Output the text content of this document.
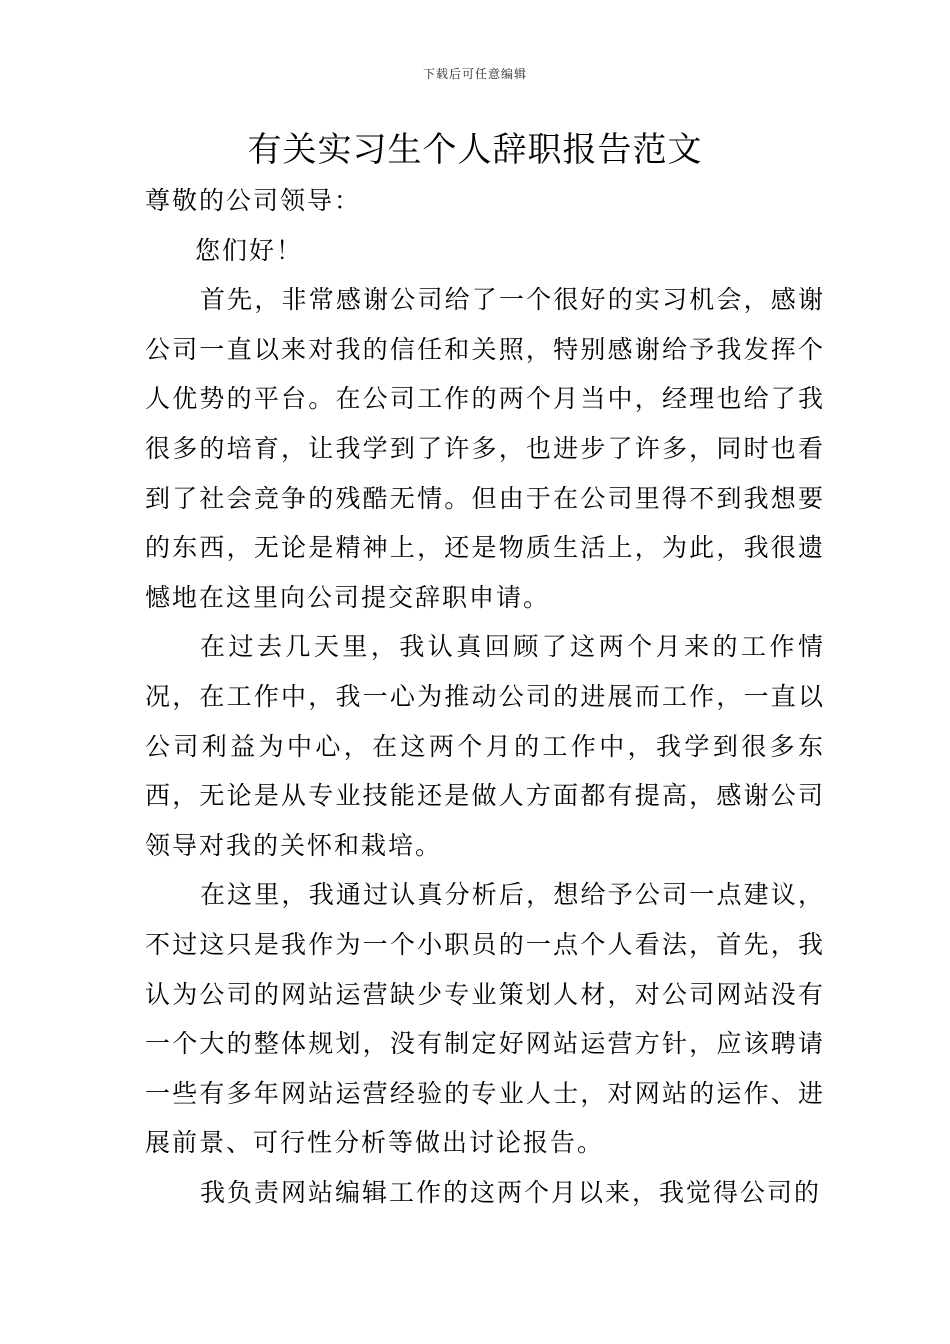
下载后可任意编辑
有关实习生个人辞职报告范文

尊敬的公司领导：

您们好！

首先，非常感谢公司给了一个很好的实习机会，感谢公司一直以来对我的信任和关照，特别感谢给予我发挥个人优势的平台。在公司工作的两个月当中，经理也给了我很多的培育，让我学到了许多，也进步了许多，同时也看到了社会竞争的残酷无情。但由于在公司里得不到我想要的东西，无论是精神上，还是物质生活上，为此，我很遗憾地在这里向公司提交辞职申请。

在过去几天里，我认真回顾了这两个月来的工作情况，在工作中，我一心为推动公司的进展而工作，一直以公司利益为中心，在这两个月的工作中，我学到很多东西，无论是从专业技能还是做人方面都有提高，感谢公司领导对我的关怀和栽培。

在这里，我通过认真分析后，想给予公司一点建议，不过这只是我作为一个小职员的一点个人看法，首先，我认为公司的网站运营缺少专业策划人材，对公司网站没有一个大的整体规划，没有制定好网站运营方针，应该聘请一些有多年网站运营经验的专业人士，对网站的运作、进展前景、可行性分析等做出讨论报告。

我负责网站编辑工作的这两个月以来，我觉得公司的
